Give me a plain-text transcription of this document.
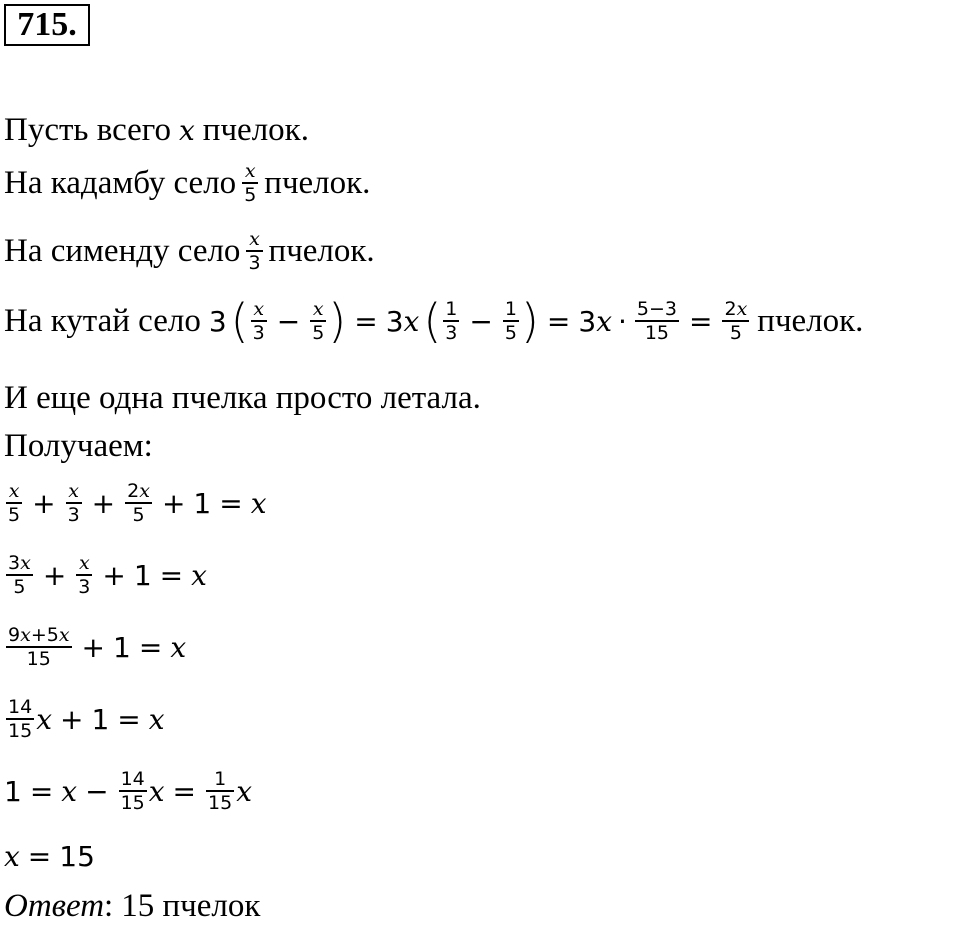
715.
Пусть всего x пчелок.
На кадамбу село $\frac{x}{5}$ пчелок.
На сименду село $\frac{x}{3}$ пчелок.
На кутай село 3 ( $\frac{x}{3} - \frac{x}{5}$ ) = 3 x ( $\frac{1}{3} - \frac{1}{5}$ ) = 3 $x \cdot \frac{5-3}{15} = \frac{2x}{5}$ пчелок.
И еще одна пчелка просто летала.
Получаем:
$\frac{x}{5} + \frac{x}{3} + \frac{2x}{5} + 1 = x$
$\frac{3x}{5} + \frac{x}{3} + 1 = x$
$\frac{9x+5x}{15} + 1 = x$
$\frac{14}{15}$ x + 1 = x
$1 = x - \frac{14}{15}$ $x = \frac{1}{15}$ x
x = 15
Ответ : 15 пчелок
